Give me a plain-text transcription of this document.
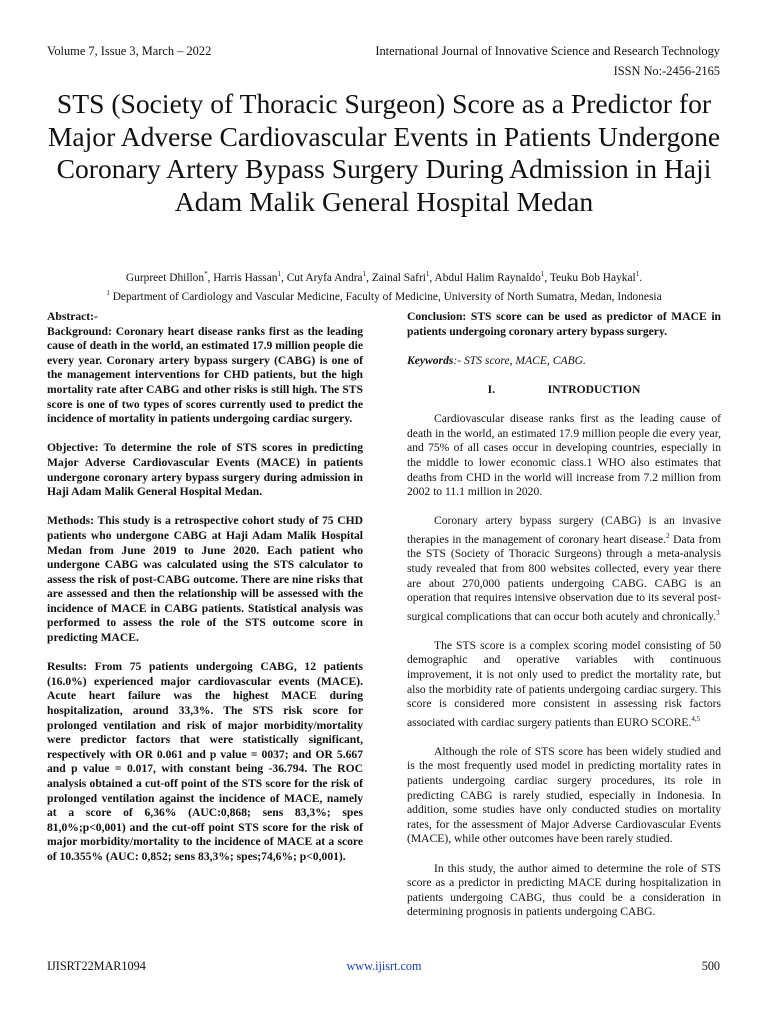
Volume 7, Issue 3, March – 2022	International Journal of Innovative Science and Research Technology
ISSN No:-2456-2165
STS (Society of Thoracic Surgeon) Score as a Predictor for Major Adverse Cardiovascular Events in Patients Undergone Coronary Artery Bypass Surgery During Admission in Haji Adam Malik General Hospital Medan
Gurpreet Dhillon*, Harris Hassan$^1$, Cut Aryfa Andra$^1$, Zainal Safri$^1$, Abdul Halim Raynaldo$^1$, Teuku Bob Haykal$^1$.
$^1$ Department of Cardiology and Vascular Medicine, Faculty of Medicine, University of North Sumatra, Medan, Indonesia

Abstract:-

Background: Coronary heart disease ranks first as the leading cause of death in the world, an estimated 17.9 million people die every year. Coronary artery bypass surgery (CABG) is one of the management interventions for CHD patients, but the high mortality rate after CABG and other risks is still high. The STS score is one of two types of scores currently used to predict the incidence of mortality in patients undergoing cardiac surgery.

Objective: To determine the role of STS scores in predicting Major Adverse Cardiovascular Events (MACE) in patients undergone coronary artery bypass surgery during admission in Haji Adam Malik General Hospital Medan.

Methods: This study is a retrospective cohort study of 75 CHD patients who undergone CABG at Haji Adam Malik Hospital Medan from June 2019 to June 2020. Each patient who undergone CABG was calculated using the STS calculator to assess the risk of post-CABG outcome. There are nine risks that are assessed and then the relationship will be assessed with the incidence of MACE in CABG patients. Statistical analysis was performed to assess the role of the STS outcome score in predicting MACE.

Results: From 75 patients undergoing CABG, 12 patients (16.0%) experienced major cardiovascular events (MACE). Acute heart failure was the highest MACE during hospitalization, around 33,3%. The STS risk score for prolonged ventilation and risk of major morbidity/mortality were predictor factors that were statistically significant, respectively with OR 0.061 and p value = 0037; and OR 5.667 and p value = 0.017, with constant being -36.794. The ROC analysis obtained a cut-off point of the STS score for the risk of prolonged ventilation against the incidence of MACE, namely at a score of 6,36% (AUC:0,868; sens 83,3%; spes 81,0%;p<0,001) and the cut-off point STS score for the risk of major morbidity/mortality to the incidence of MACE at a score of 10.355% (AUC: 0,852; sens 83,3%; spes;74,6%; p<0,001).

Conclusion: STS score can be used as predictor of MACE in patients undergoing coronary artery bypass surgery.

Keywords:- STS score, MACE, CABG.

I.	INTRODUCTION

Cardiovascular disease ranks first as the leading cause of death in the world, an estimated 17.9 million people die every year, and 75% of all cases occur in developing countries, especially in the middle to lower economic class.1 WHO also estimates that deaths from CHD in the world will increase from 7.2 million from 2002 to 11.1 million in 2020.

Coronary artery bypass surgery (CABG) is an invasive therapies in the management of coronary heart disease.$^2$ Data from the STS (Society of Thoracic Surgeons) through a meta-analysis study revealed that from 800 websites collected, every year there are about 270,000 patients undergoing CABG. CABG is an operation that requires intensive observation due to its several post-surgical complications that can occur both acutely and chronically.$^3$

The STS score is a complex scoring model consisting of 50 demographic and operative variables with continuous improvement, it is not only used to predict the mortality rate, but also the morbidity rate of patients undergoing cardiac surgery. This score is considered more consistent in assessing risk factors associated with cardiac surgery patients than EURO SCORE.$^{4,5}$

Although the role of STS score has been widely studied and is the most frequently used model in predicting mortality rates in patients undergoing cardiac surgery procedures, its role in predicting CABG is rarely studied, especially in Indonesia. In addition, some studies have only conducted studies on mortality rates, for the assessment of Major Adverse Cardiovascular Events (MACE), while other outcomes have been rarely studied.

In this study, the author aimed to determine the role of STS score as a predictor in predicting MACE during hospitalization in patients undergoing CABG, thus could be a consideration in determining prognosis in patients undergoing CABG.

IJISRT22MAR1094	www.ijisrt.com	500
